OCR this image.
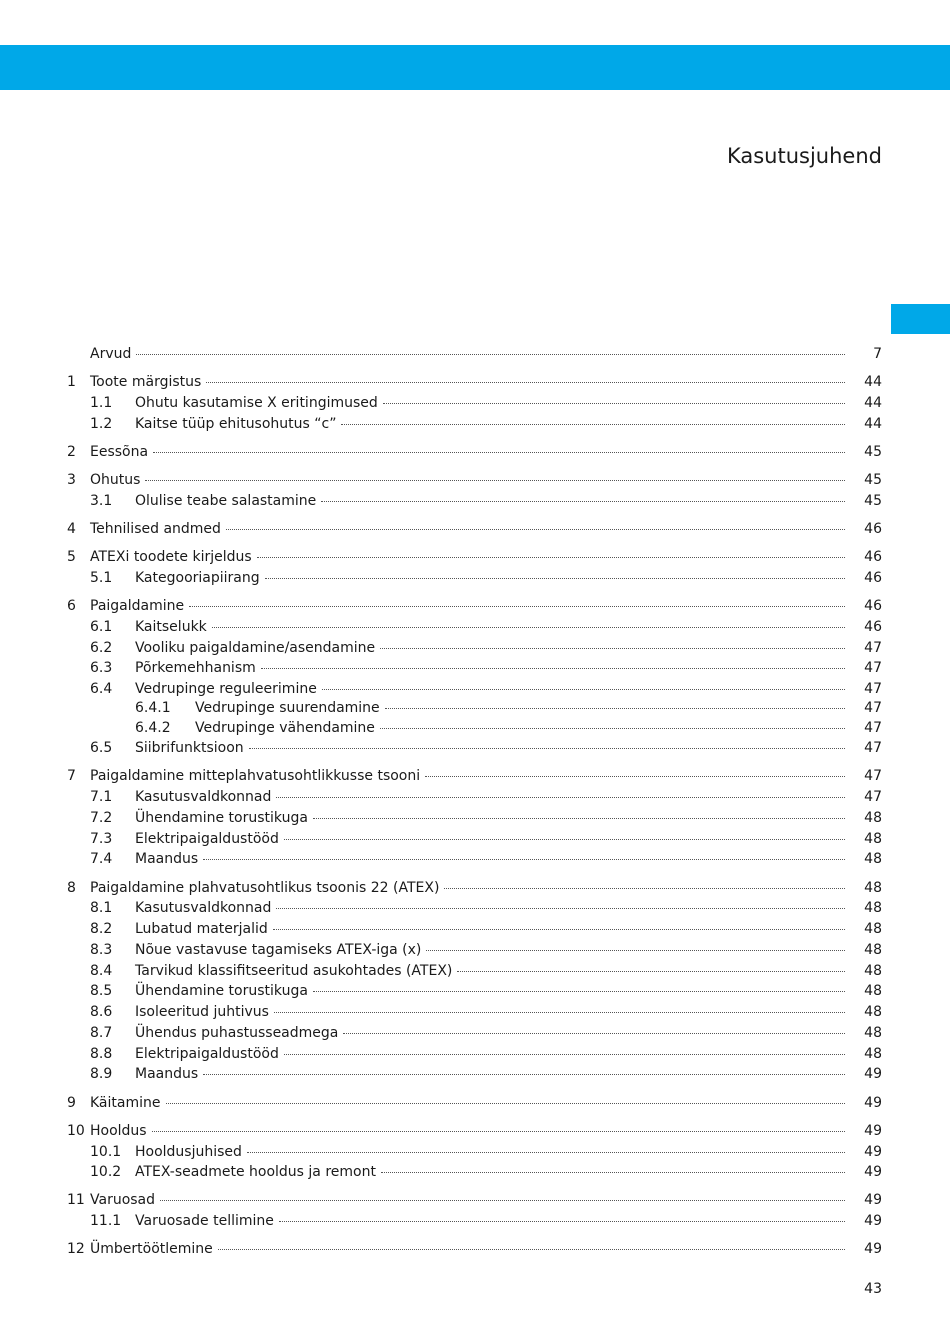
Kasutusjuhend
Arvud	7
1 Toote märgistus	44
1.1 Ohutu kasutamise X eritingimused	44
1.2 Kaitse tüüp ehitusohutus “c”	44
2 Eessõna	45
3 Ohutus	45
3.1 Olulise teabe salastamine	45
4 Tehnilised andmed	46
5 ATEXi toodete kirjeldus	46
5.1 Kategooriapiirang	46
6 Paigaldamine	46
6.1 Kaitselukk	46
6.2 Vooliku paigaldamine/asendamine	47
6.3 Põrkemehhanism	47
6.4 Vedrupinge reguleerimine	47
6.4.1 Vedrupinge suurendamine	47
6.4.2 Vedrupinge vähendamine	47
6.5 Siibrifunktsioon	47
7 Paigaldamine mitteplahvatusohtlikkusse tsooni	47
7.1 Kasutusvaldkonnad	47
7.2 Ühendamine torustikuga	48
7.3 Elektripaigaldustööd	48
7.4 Maandus	48
8 Paigaldamine plahvatusohtlikus tsoonis 22 (ATEX)	48
8.1 Kasutusvaldkonnad	48
8.2 Lubatud materjalid	48
8.3 Nõue vastavuse tagamiseks ATEX-iga (x)	48
8.4 Tarvikud klassifitseeritud asukohtades (ATEX)	48
8.5 Ühendamine torustikuga	48
8.6 Isoleeritud juhtivus	48
8.7 Ühendus puhastusseadmega	48
8.8 Elektripaigaldustööd	48
8.9 Maandus	49
9 Käitamine	49
10 Hooldus	49
10.1 Hooldusjuhised	49
10.2 ATEX-seadmete hooldus ja remont	49
11 Varuosad	49
11.1 Varuosade tellimine	49
12 Ümbertöötlemine	49
43
